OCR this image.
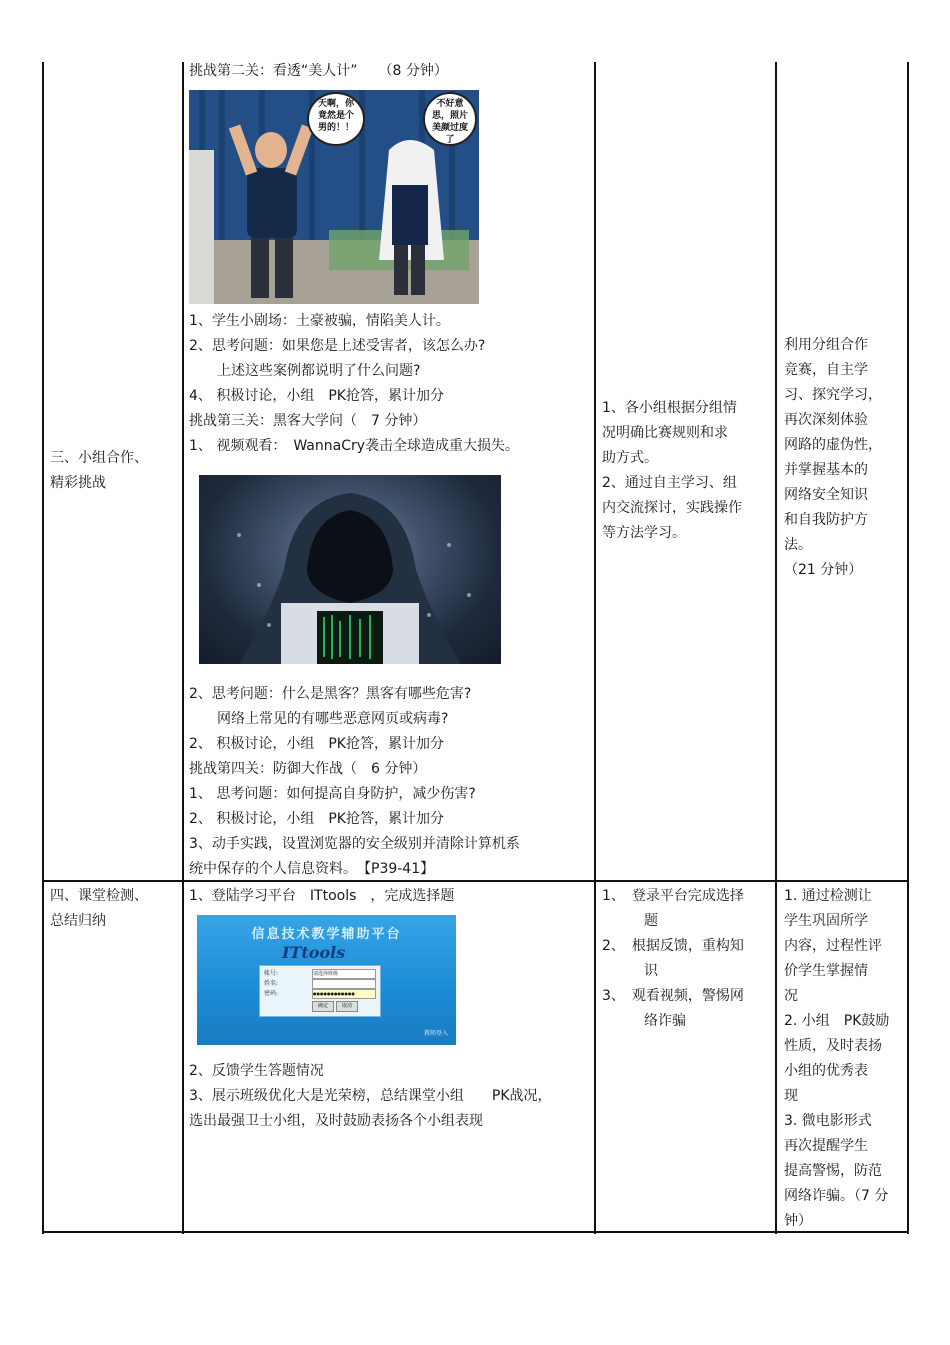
三、小组合作、
精彩挑战
挑战第二关：看透“美人计”　　（8 分钟）
天啊，你竟然是个男的！！
不好意思，照片美颜过度了
1、学生小剧场：土豪被骗，情陷美人计。
2、思考问题：如果您是上述受害者，该怎么办?
　　上述这些案例都说明了什么问题?
4、 积极讨论，小组　PK抢答，累计加分
挑战第三关：黑客大学问（　7 分钟）
1、 视频观看：　WannaCry袭击全球造成重大损失。
2、思考问题：什么是黑客？黑客有哪些危害?
　　网络上常见的有哪些恶意网页或病毒?
2、 积极讨论，小组　PK抢答，累计加分
挑战第四关：防御大作战（　6 分钟）
1、 思考问题：如何提高自身防护，减少伤害?
2、 积极讨论，小组　PK抢答，累计加分
3、动手实践，设置浏览器的安全级别并清除计算机系
统中保存的个人信息资料。　【P39-41】
1、各小组根据分组情
况明确比赛规则和求
助方式。
2、通过自主学习、组
内交流探讨，实践操作
等方法学习。
利用分组合作
竞赛，自主学
习、探究学习，
再次深刻体验
网路的虚伪性，
并掌握基本的
网络安全知识
和自我防护方
法。
（21 分钟）
四、课堂检测、
总结归纳
1、登陆学习平台　ITtools　，完成选择题
信息技术教学辅助平台
ITtools
帐号:
姓名:
密码:
请选择班级
●●●●●●●●●●●●
确定	取消
教师登入
2、反馈学生答题情况
3、展示班级优化大是光荣榜，总结课堂小组　　PK战况，
选出最强卫士小组，及时鼓励表扬各个小组表现
1、　登录平台完成选择
　　　题
2、　根据反馈，重构知
　　　识
3、　观看视频，警惕网
　　　络诈骗
1. 通过检测让
学生巩固所学
内容，过程性评
价学生掌握情
况
2. 小组　PK鼓励
性质，及时表扬
小组的优秀表
现
3. 微电影形式
再次提醒学生
提高警惕，防范
网络诈骗。（7 分
钟）
